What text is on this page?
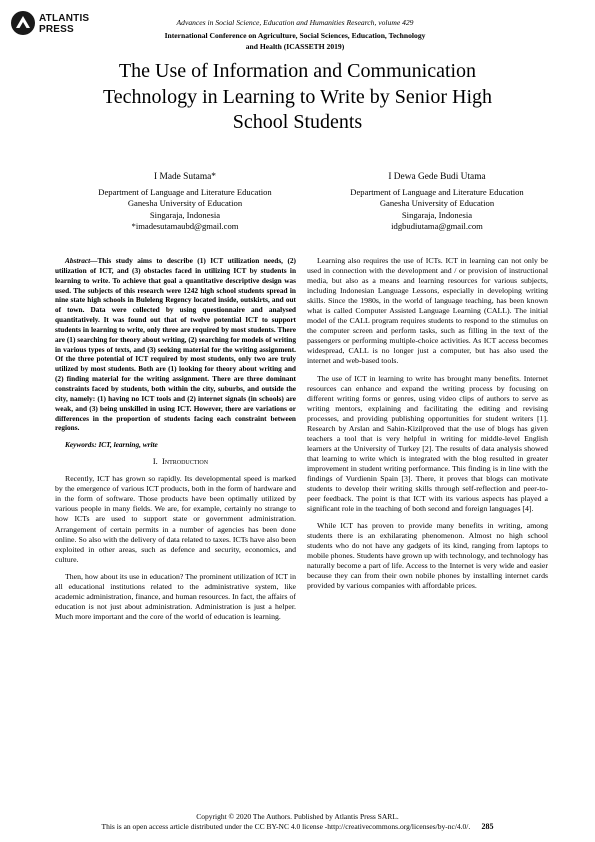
ATLANTIS
PRESS
Advances in Social Science, Education and Humanities Research, volume 429
International Conference on Agriculture, Social Sciences, Education, Technology
and Health (ICASSETH 2019)
The Use of Information and Communication
Technology in Learning to Write by Senior High
School Students
I Made Sutama*
Department of Language and Literature Education
Ganesha University of Education
Singaraja, Indonesia
*imadesutamaubd@gmail.com
I Dewa Gede Budi Utama
Department of Language and Literature Education
Ganesha University of Education
Singaraja, Indonesia
idgbudiutama@gmail.com

Abstract—This study aims to describe (1) ICT utilization needs, (2) utilization of ICT, and (3) obstacles faced in utilizing ICT by students in learning to write. To achieve that goal a quantitative descriptive design was used. The subjects of this research were 1242 high school students spread in nine state high schools in Buleleng Regency located inside, outskirts, and out of town. Data were collected by using questionnaire and analysed quantitatively. It was found out that of twelve potential ICT to support students in learning to write, only three are required by most students. There are (1) searching for theory about writing, (2) searching for models of writing in various types of texts, and (3) seeking material for the writing assignment. Of the three potential of ICT required by most students, only two are truly utilized by most students. Both are (1) looking for theory about writing and (2) finding material for the writing assignment. There are three dominant constraints faced by students, both within the city, suburbs, and outside the city, namely: (1) having no ICT tools and (2) internet signals (in schools) are weak, and (3) being unskilled in using ICT. However, there are variations or differences in the proportion of students facing each constraint between regions.

Keywords: ICT, learning, write

I. Introduction

Recently, ICT has grown so rapidly. Its developmental speed is marked by the emergence of various ICT products, both in the form of hardware and in the form of software. Those products have been optimally utilized by various people in many fields. We are, for example, certainly no strange to how ICTs are used to support state or government administration. Arrangement of certain permits in a number of agencies has been done online. So also with the delivery of data related to taxes. ICTs have also been exploited in other areas, such as defence and security, economics, and culture.

Then, how about its use in education? The prominent utilization of ICT in all educational institutions related to the administrative system, like academic administration, finance, and human resources. In fact, the affairs of education is not just about administration. Administration is just a helper. Much more important and the core of the world of education is learning.

Learning also requires the use of ICTs. ICT in learning can not only be used in connection with the development and / or provision of instructional media, but also as a means and learning resources for various subjects, including Indonesian Language Lessons, especially in developing writing skills. Since the 1980s, in the world of language teaching, has been known what is called Computer Assisted Language Learning (CALL). The initial model of the CALL program requires students to respond to the stimulus on the computer screen and perform tasks, such as filling in the text of the passengers or performing multiple-choice activities. As ICT access becomes widespread, CALL is no longer just a computer, but has also used the internet and web-based tools.

The use of ICT in learning to write has brought many benefits. Internet resources can enhance and expand the writing process by focusing on different writing forms or genres, using video clips of authors to serve as writing mentors, explaining and facilitating the editing and revising processes, and providing publishing opportunities for student writers [1]. Research by Arslan and Sahin-Kizilproved that the use of blogs has given teachers a tool that is very helpful in writing for middle-level English learners at the University of Turkey [2]. The results of data analysis showed that learning to write which is integrated with the blog resulted in greater improvement in student writing performance. This finding is in line with the findings of Vurdienin Spain [3]. There, it proves that blogs can motivate students to develop their writing skills through self-reflection and peer-to-peer feedback. The point is that ICT with its various aspects has played a significant role in the teaching of both second and foreign languages [4].

While ICT has proven to provide many benefits in writing, among students there is an exhilarating phenomenon. Almost no high school students who do not have any gadgets of its kind, ranging from laptops to mobile phones. Students have grown up with technology, and technology has naturally become a part of life. Access to the Internet is very wide and easier because they can from their own nobile phones by installing internet cards provided by various companies with affordable prices.

Copyright © 2020 The Authors. Published by Atlantis Press SARL.
This is an open access article distributed under the CC BY-NC 4.0 license -http://creativecommons.org/licenses/by-nc/4.0/. 285
